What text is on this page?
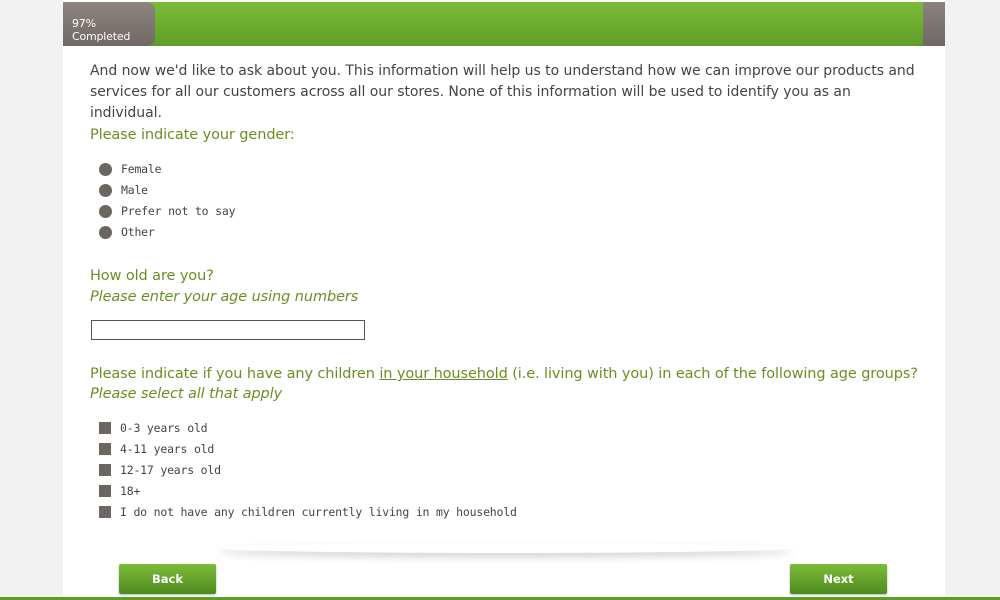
97% Completed
And now we'd like to ask about you. This information will help us to understand how we can improve our products and services for all our customers across all our stores. None of this information will be used to identify you as an individual.
Please indicate your gender:
Female
Male
Prefer not to say
Other
How old are you?
Please enter your age using numbers
Please indicate if you have any children in your household (i.e. living with you) in each of the following age groups?
Please select all that apply
0-3 years old
4-11 years old
12-17 years old
18+
I do not have any children currently living in my household
Back	Next
